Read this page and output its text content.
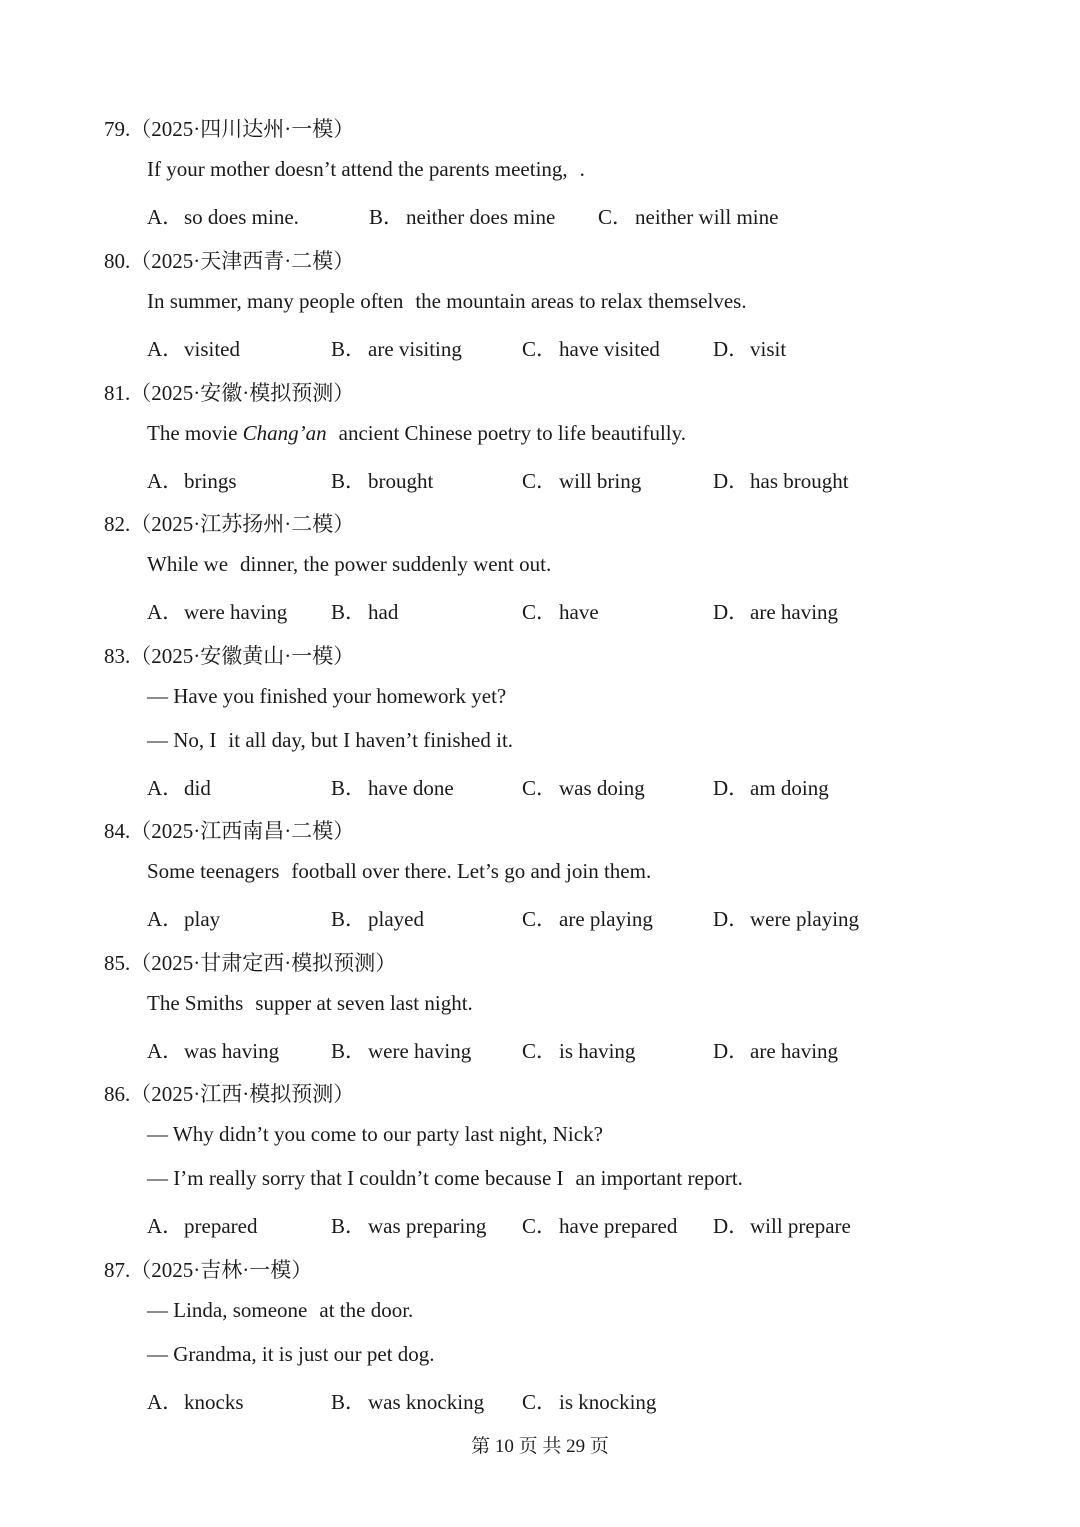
79.（2025·四川达州·一模）
If your mother doesn’t attend the parents meeting, .
A．so does mine.	B．neither does mine C．neither will mine
80.（2025·天津西青·二模）
In summer, many people often the mountain areas to relax themselves.
A．visited	B．are visiting	C．have visited	D．visit
81.（2025·安徽·模拟预测）
The movie Chang’an ancient Chinese poetry to life beautifully.
A．brings	B．brought	C．will bring	D．has brought
82.（2025·江苏扬州·二模）
While we dinner, the power suddenly went out.
A．were having B．had	C．have	D．are having
83.（2025·安徽黄山·一模）
— Have you finished your homework yet?
— No, I it all day, but I haven’t finished it.
A．did	B．have done	C．was doing	D．am doing
84.（2025·江西南昌·二模）
Some teenagers football over there. Let’s go and join them.
A．play	B．played	C．are playing	D．were playing
85.（2025·甘肃定西·模拟预测）
The Smiths supper at seven last night.
A．was having B．were having C．is having	D．are having
86.（2025·江西·模拟预测）
— Why didn’t you come to our party last night, Nick?
— I’m really sorry that I couldn’t come because I an important report.
A．prepared	B．was preparing C．have prepared D．will prepare
87.（2025·吉林·一模）
— Linda, someone at the door.
— Grandma, it is just our pet dog.
A．knocks	B．was knocking C．is knocking
第 10 页 共 29 页
